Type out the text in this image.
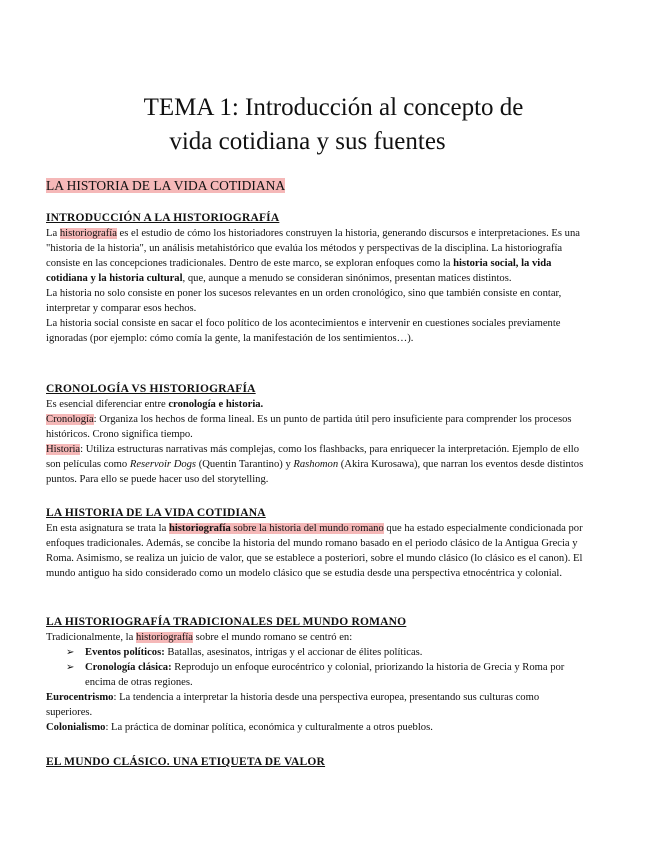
TEMA 1: Introducción al concepto de
vida cotidiana y sus fuentes
LA HISTORIA DE LA VIDA COTIDIANA

INTRODUCCIÓN A LA HISTORIOGRAFÍA

La historiografía es el estudio de cómo los historiadores construyen la historia, generando discursos e interpretaciones. Es una "historia de la historia", un análisis metahistórico que evalúa los métodos y perspectivas de la disciplina. La historiografía consiste en las concepciones tradicionales. Dentro de este marco, se exploran enfoques como la historia social, la vida cotidiana y la historia cultural, que, aunque a menudo se consideran sinónimos, presentan matices distintos.

La historia no solo consiste en poner los sucesos relevantes en un orden cronológico, sino que también consiste en contar, interpretar y comparar esos hechos.

La historia social consiste en sacar el foco político de los acontecimientos e intervenir en cuestiones sociales previamente ignoradas (por ejemplo: cómo comía la gente, la manifestación de los sentimientos…).

CRONOLOGÍA VS HISTORIOGRAFÍA

Es esencial diferenciar entre cronología e historia.

Cronología: Organiza los hechos de forma lineal. Es un punto de partida útil pero insuficiente para comprender los procesos históricos. Crono significa tiempo.

Historia: Utiliza estructuras narrativas más complejas, como los flashbacks, para enriquecer la interpretación. Ejemplo de ello son películas como Reservoir Dogs (Quentin Tarantino) y Rashomon (Akira Kurosawa), que narran los eventos desde distintos puntos. Para ello se puede hacer uso del storytelling.

LA HISTORIA DE LA VIDA COTIDIANA

En esta asignatura se trata la historiografía sobre la historia del mundo romano que ha estado especialmente condicionada por enfoques tradicionales. Además, se concibe la historia del mundo romano basado en el periodo clásico de la Antigua Grecia y Roma. Asimismo, se realiza un juicio de valor, que se establece a posteriori, sobre el mundo clásico (lo clásico es el canon). El mundo antiguo ha sido considerado como un modelo clásico que se estudia desde una perspectiva etnocéntrica y colonial.

LA HISTORIOGRAFÍA TRADICIONALES DEL MUNDO ROMANO

Tradicionalmente, la historiografía sobre el mundo romano se centró en:

➢ Eventos políticos: Batallas, asesinatos, intrigas y el accionar de élites políticas.
➢ Cronología clásica: Reprodujo un enfoque eurocéntrico y colonial, priorizando la historia de Grecia y Roma por encima de otras regiones.

Eurocentrismo: La tendencia a interpretar la historia desde una perspectiva europea, presentando sus culturas como superiores.

Colonialismo: La práctica de dominar política, económica y culturalmente a otros pueblos.

EL MUNDO CLÁSICO. UNA ETIQUETA DE VALOR
